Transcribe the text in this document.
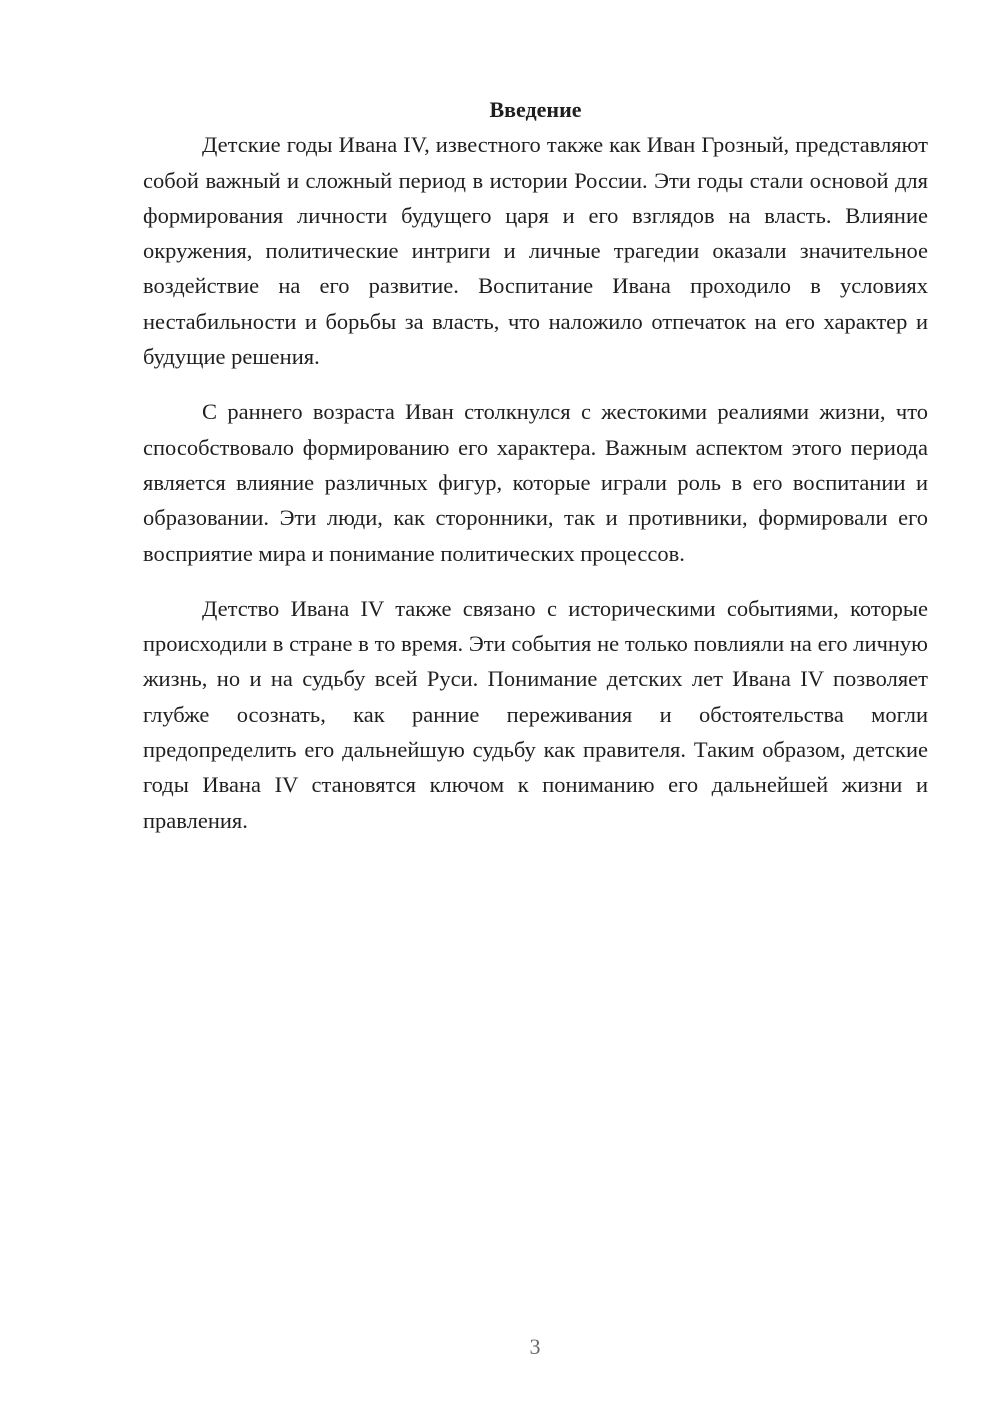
Введение

Детские годы Ивана IV, известного также как Иван Грозный, представляют собой важный и сложный период в истории России. Эти годы стали основой для формирования личности будущего царя и его взглядов на власть. Влияние окружения, политические интриги и личные трагедии оказали значительное воздействие на его развитие. Воспитание Ивана проходило в условиях нестабильности и борьбы за власть, что наложило отпечаток на его характер и будущие решения.

С раннего возраста Иван столкнулся с жестокими реалиями жизни, что способствовало формированию его характера. Важным аспектом этого периода является влияние различных фигур, которые играли роль в его воспитании и образовании. Эти люди, как сторонники, так и противники, формировали его восприятие мира и понимание политических процессов.

Детство Ивана IV также связано с историческими событиями, которые происходили в стране в то время. Эти события не только повлияли на его личную жизнь, но и на судьбу всей Руси. Понимание детских лет Ивана IV позволяет глубже осознать, как ранние переживания и обстоятельства могли предопределить его дальнейшую судьбу как правителя. Таким образом, детские годы Ивана IV становятся ключом к пониманию его дальнейшей жизни и правления.

3
